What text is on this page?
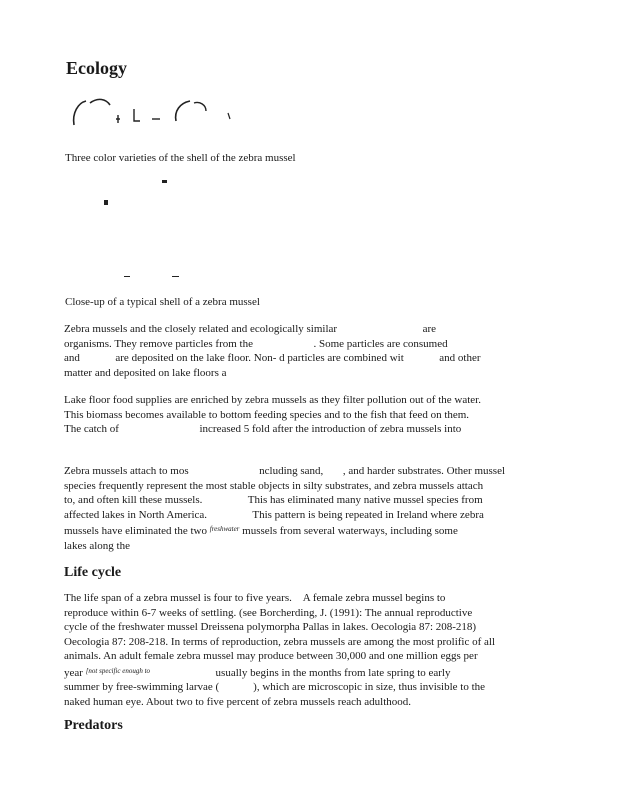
Ecology
Three color varieties of the shell of the zebra mussel
Close-up of a typical shell of a zebra mussel
Zebra mussels and the closely related and ecologically similar	are
organisms. They remove particles from the	. Some particles are consumed
and	are deposited on the lake floor. Non- d particles are combined wit	and other
matter and deposited on lake floors a
Lake floor food supplies are enriched by zebra mussels as they filter pollution out of the water.
This biomass becomes available to bottom feeding species and to the fish that feed on them.
The catch of	increased 5 fold after the introduction of zebra mussels into
Zebra mussels attach to mos	ncluding sand, , and harder substrates. Other mussel
species frequently represent the most stable objects in silty substrates, and zebra mussels attach
to, and often kill these mussels.	This has eliminated many native mussel species from
affected lakes in North America.	This pattern is being repeated in Ireland where zebra
mussels have eliminated the two $^{freshwater}$ mussels from several waterways, including some
lakes along the
Life cycle
The life span of a zebra mussel is four to five years. A female zebra mussel begins to
reproduce within 6-7 weeks of settling. (see Borcherding, J. (1991): The annual reproductive
cycle of the freshwater mussel Dreissena polymorpha Pallas in lakes. Oecologia 87: 208-218)
Oecologia 87: 208-218. In terms of reproduction, zebra mussels are among the most prolific of all
animals. An adult female zebra mussel may produce between 30,000 and one million eggs per
year $^{[not specific enough to}$	usually begins in the months from late spring to early
summer by free-swimming larvae (	), which are microscopic in size, thus invisible to the
naked human eye. About two to five percent of zebra mussels reach adulthood.
Predators
